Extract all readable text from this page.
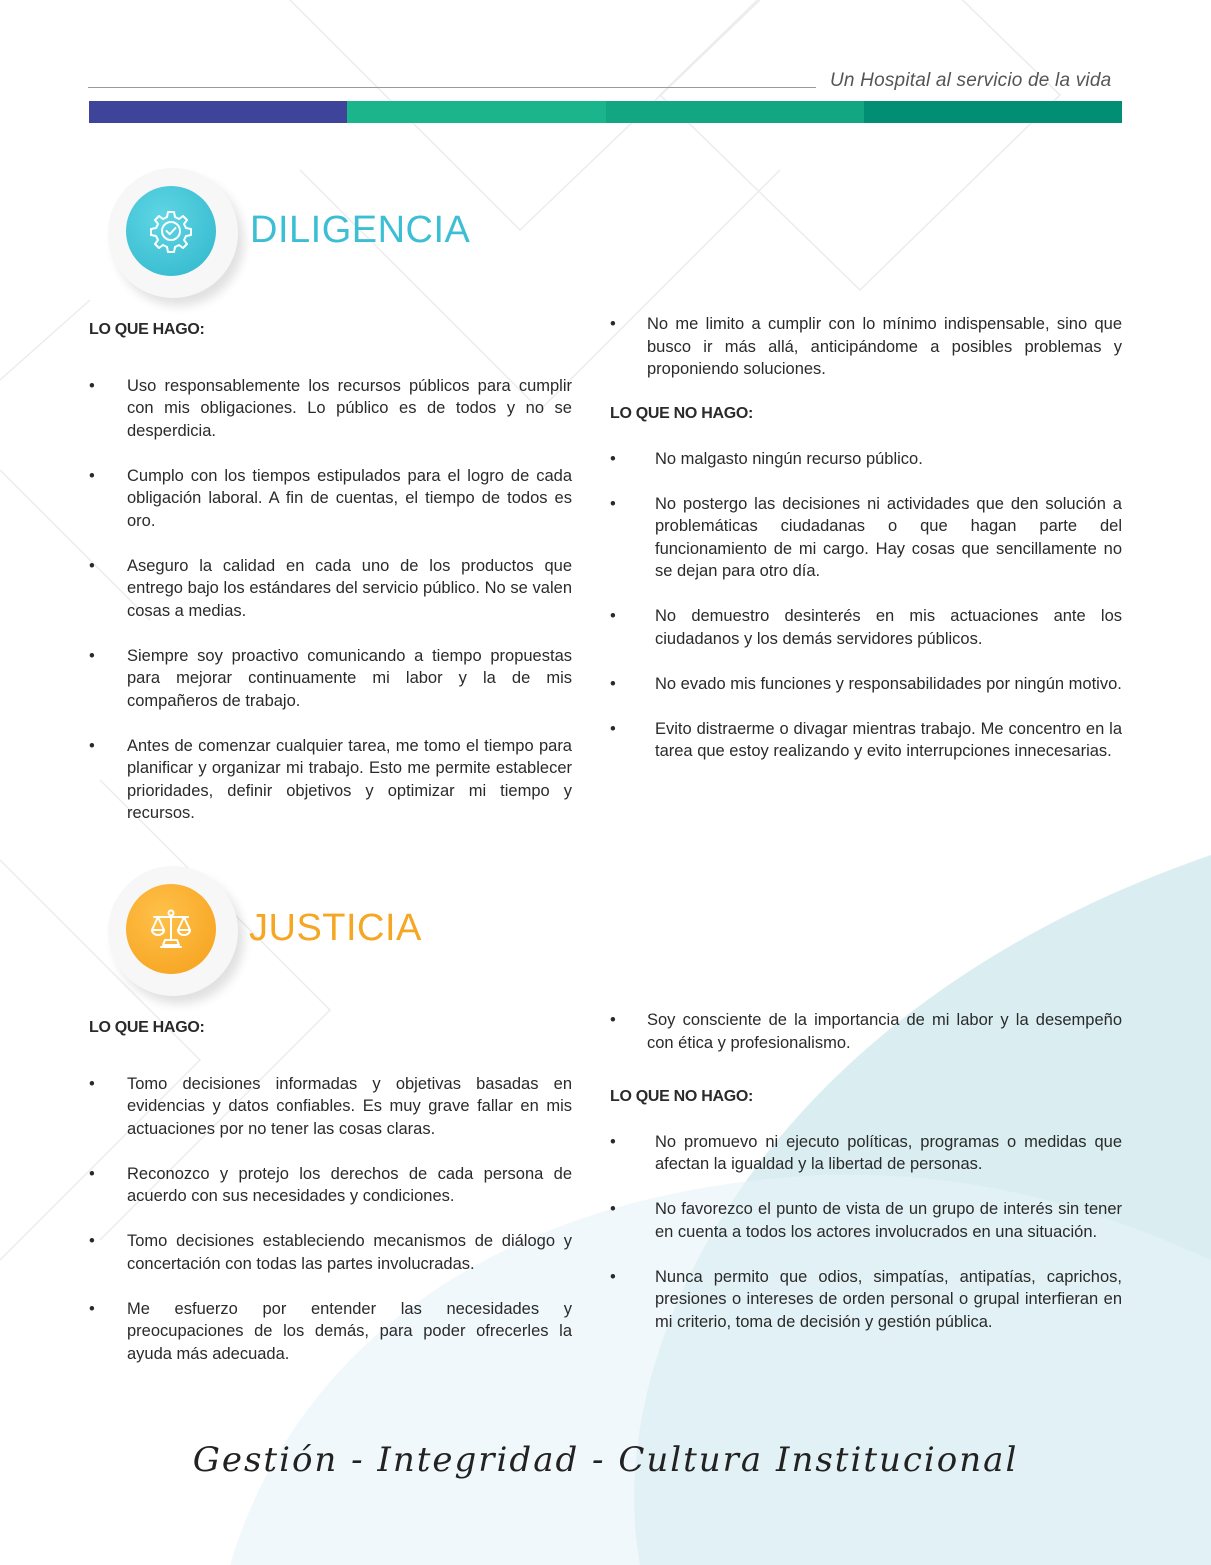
Un Hospital al servicio de la vida
DILIGENCIA
LO QUE HAGO:
• Uso responsablemente los recursos públicos para cumplir con mis obligaciones. Lo público es de todos y no se desperdicia.
• Cumplo con los tiempos estipulados para el logro de cada obligación laboral. A fin de cuentas, el tiempo de todos es oro.
• Aseguro la calidad en cada uno de los productos que entrego bajo los estándares del servicio público. No se valen cosas a medias.
• Siempre soy proactivo comunicando a tiempo propuestas para mejorar continuamente mi labor y la de mis compañeros de trabajo.
• Antes de comenzar cualquier tarea, me tomo el tiempo para planificar y organizar mi trabajo. Esto me permite establecer prioridades, definir objetivos y optimizar mi tiempo y recursos.
• No me limito a cumplir con lo mínimo indispensable, sino que busco ir más allá, anticipándome a posibles problemas y proponiendo soluciones.
LO QUE NO HAGO:
• No malgasto ningún recurso público.
• No postergo las decisiones ni actividades que den solución a problemáticas ciudadanas o que hagan parte del funcionamiento de mi cargo. Hay cosas que sencillamente no se dejan para otro día.
• No demuestro desinterés en mis actuaciones ante los ciudadanos y los demás servidores públicos.
• No evado mis funciones y responsabilidades por ningún motivo.
• Evito distraerme o divagar mientras trabajo. Me concentro en la tarea que estoy realizando y evito interrupciones innecesarias.
JUSTICIA
LO QUE HAGO:
• Tomo decisiones informadas y objetivas basadas en evidencias y datos confiables. Es muy grave fallar en mis actuaciones por no tener las cosas claras.
• Reconozco y protejo los derechos de cada persona de acuerdo con sus necesidades y condiciones.
• Tomo decisiones estableciendo mecanismos de diálogo y concertación con todas las partes involucradas.
• Me esfuerzo por entender las necesidades y preocupaciones de los demás, para poder ofrecerles la ayuda más adecuada.
• Soy consciente de la importancia de mi labor y la desempeño con ética y profesionalismo.
LO QUE NO HAGO:
• No promuevo ni ejecuto políticas, programas o medidas que afectan la igualdad y la libertad de personas.
• No favorezco el punto de vista de un grupo de interés sin tener en cuenta a todos los actores involucrados en una situación.
• Nunca permito que odios, simpatías, antipatías, caprichos, presiones o intereses de orden personal o grupal interfieran en mi criterio, toma de decisión y gestión pública.
Gestión - Integridad - Cultura Institucional
